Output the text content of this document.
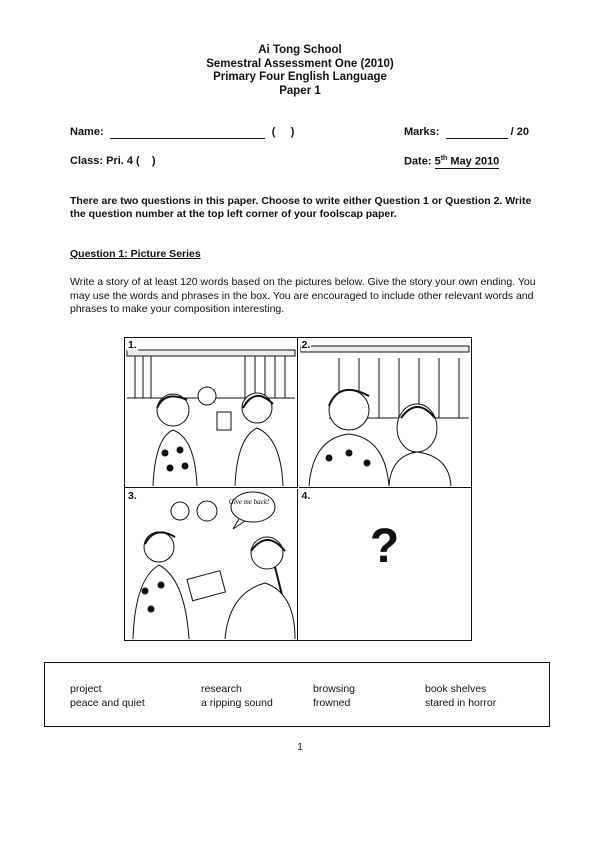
Ai Tong School
Semestral Assessment One (2010)
Primary Four English Language
Paper 1
Name:	(     )	Marks:	/ 20
Class: Pri. 4 (    )	Date: 5th May 2010
There are two questions in this paper. Choose to write either Question 1 or Question 2. Write the question number at the top left corner of your foolscap paper.
Question 1: Picture Series
Write a story of at least 120 words based on the pictures below. Give the story your own ending. You may use the words and phrases in the box. You are encouraged to include other relevant words and phrases to make your composition interesting.
1.	2.
3.	Give me back!	4.
?
project	research	browsing	book shelves
peace and quiet	a ripping sound	frowned	stared in horror
1
